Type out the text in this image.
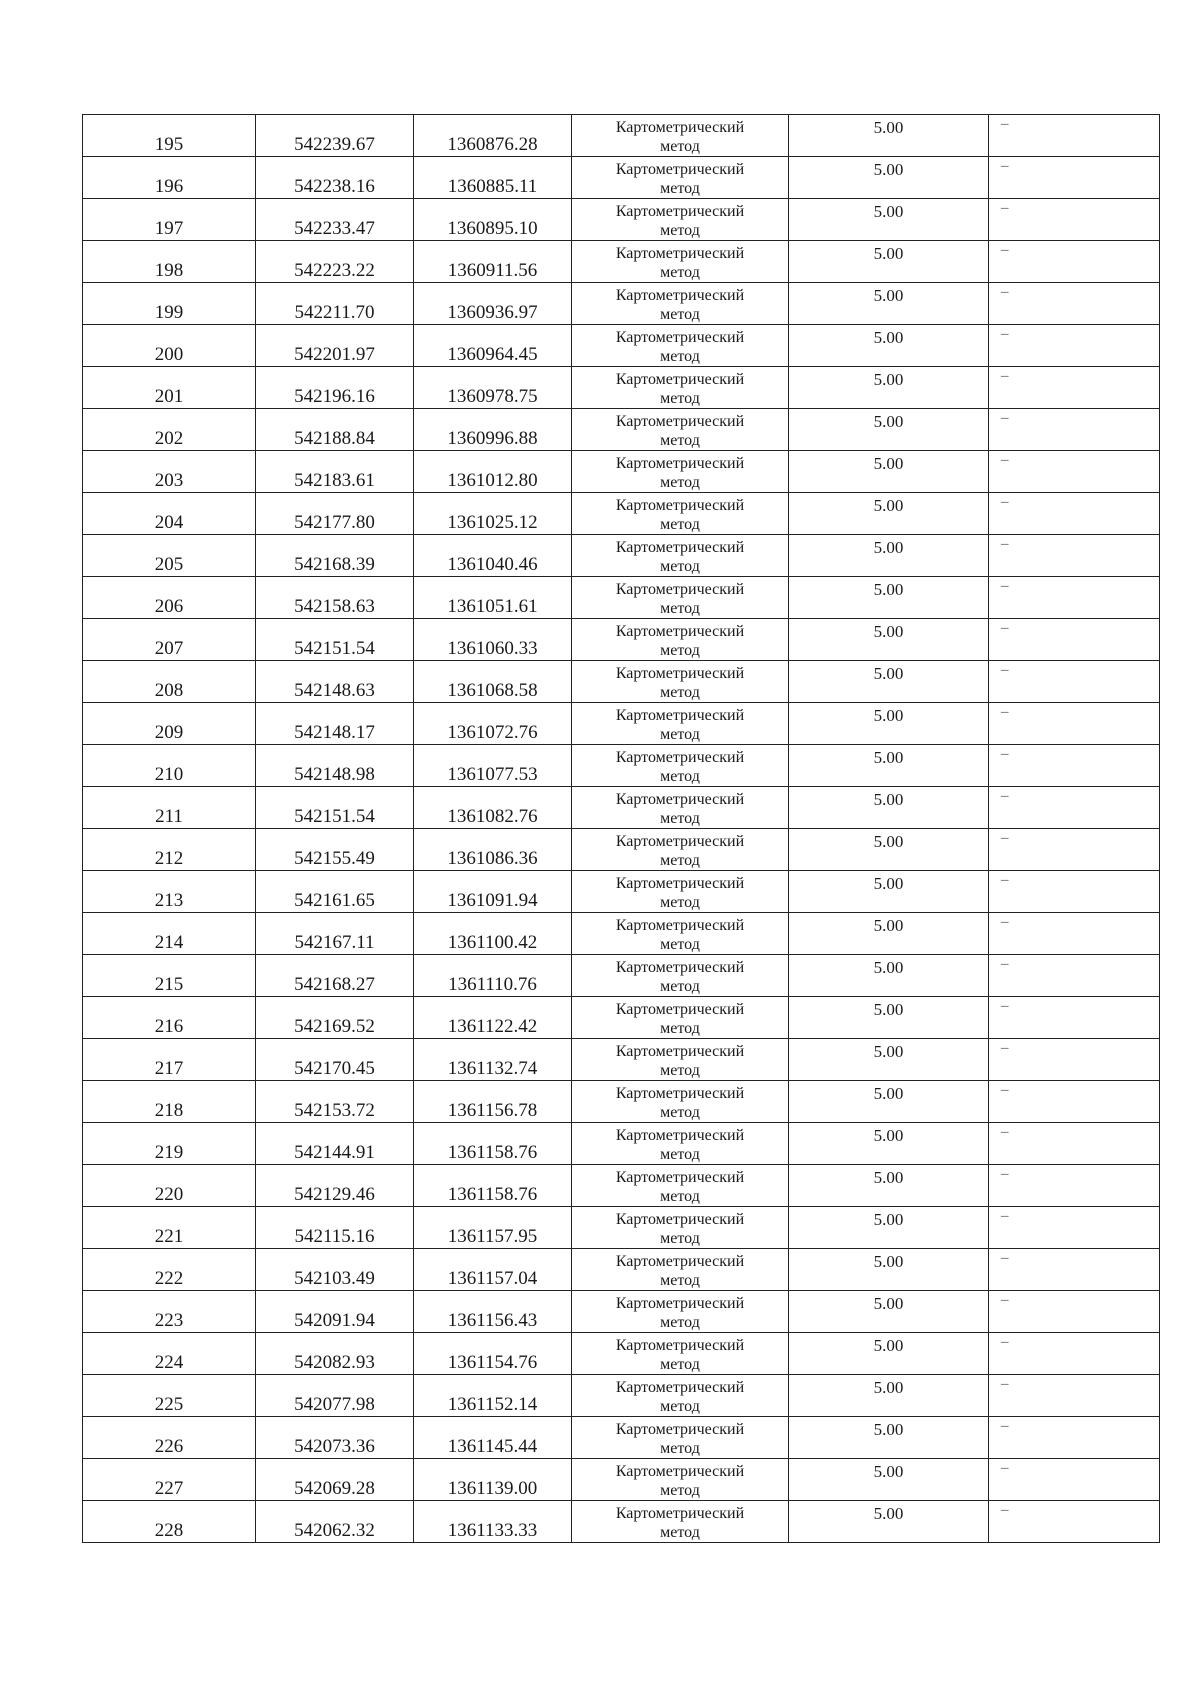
195	542239.67	1360876.28	Картометрический
метод	5.00	–

196	542238.16	1360885.11	Картометрический
метод	5.00	–

197	542233.47	1360895.10	Картометрический
метод	5.00	–

198	542223.22	1360911.56	Картометрический
метод	5.00	–

199	542211.70	1360936.97	Картометрический
метод	5.00	–

200	542201.97	1360964.45	Картометрический
метод	5.00	–

201	542196.16	1360978.75	Картометрический
метод	5.00	–

202	542188.84	1360996.88	Картометрический
метод	5.00	–

203	542183.61	1361012.80	Картометрический
метод	5.00	–

204	542177.80	1361025.12	Картометрический
метод	5.00	–

205	542168.39	1361040.46	Картометрический
метод	5.00	–

206	542158.63	1361051.61	Картометрический
метод	5.00	–

207	542151.54	1361060.33	Картометрический
метод	5.00	–

208	542148.63	1361068.58	Картометрический
метод	5.00	–

209	542148.17	1361072.76	Картометрический
метод	5.00	–

210	542148.98	1361077.53	Картометрический
метод	5.00	–

211	542151.54	1361082.76	Картометрический
метод	5.00	–

212	542155.49	1361086.36	Картометрический
метод	5.00	–

213	542161.65	1361091.94	Картометрический
метод	5.00	–

214	542167.11	1361100.42	Картометрический
метод	5.00	–

215	542168.27	1361110.76	Картометрический
метод	5.00	–

216	542169.52	1361122.42	Картометрический
метод	5.00	–

217	542170.45	1361132.74	Картометрический
метод	5.00	–

218	542153.72	1361156.78	Картометрический
метод	5.00	–

219	542144.91	1361158.76	Картометрический
метод	5.00	–

220	542129.46	1361158.76	Картометрический
метод	5.00	–

221	542115.16	1361157.95	Картометрический
метод	5.00	–

222	542103.49	1361157.04	Картометрический
метод	5.00	–

223	542091.94	1361156.43	Картометрический
метод	5.00	–

224	542082.93	1361154.76	Картометрический
метод	5.00	–

225	542077.98	1361152.14	Картометрический
метод	5.00	–

226	542073.36	1361145.44	Картометрический
метод	5.00	–

227	542069.28	1361139.00	Картометрический
метод	5.00	–

228	542062.32	1361133.33	Картометрический
метод	5.00	–
